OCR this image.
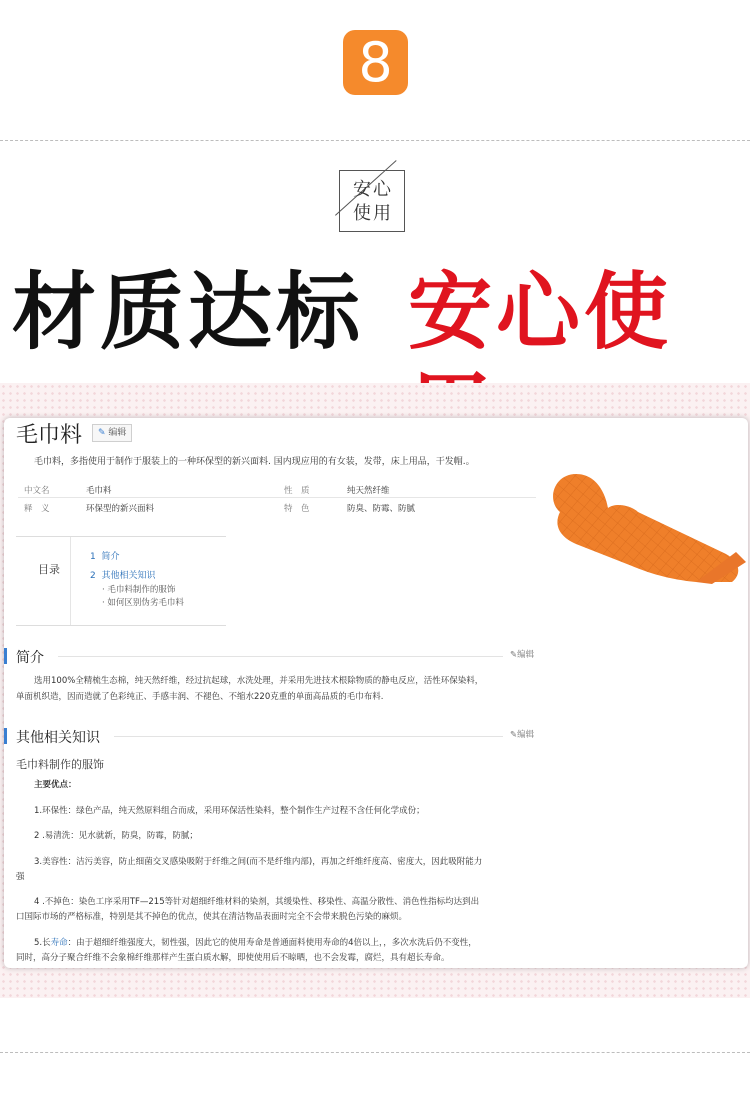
8
安心
使用
材质达标 安心使
毛巾料	✎ 编辑
毛巾料，多指使用于制作于服装上的一种环保型的新兴面料. 国内现应用的有女装，发带，床上用品，干发帽.。
中文名	毛巾料	性　质	纯天然纤维
释　义	环保型的新兴面料	特　色	防臭、防霉、防腻
目录
1 简介
2 其他相关知识
· 毛巾料制作的服饰
· 如何区别伪劣毛巾料
简介	✎编辑
选用100%全精梳生态棉，纯天然纤维，经过抗起球，水洗处理，并采用先进技术根除物质的静电反应，活性环保染料，
单面机织造，因而造就了色彩纯正、手感丰润、不褪色、不缩水220克重的单面高品质的毛巾布料.
其他相关知识	✎编辑
毛巾料制作的服饰
主要优点：
1.环保性：绿色产品，纯天然原料组合而成，采用环保活性染料，整个制作生产过程不含任何化学成份；
2 .易清洗：见水就新，防臭，防霉，防腻；
3.美容性：洁污美容，防止细菌交叉感染吸附于纤维之间(而不是纤维内部)，再加之纤维纤度高、密度大，因此吸附能力
强
4 .不掉色：染色工序采用TF—215等针对超细纤维材料的染剂，其缓染性、移染性、高温分散性、消色性指标均达到出
口国际市场的严格标准，特别是其不掉色的优点，使其在清洁物品表面时完全不会带来脱色污染的麻烦。
5.长寿命：由于超细纤维强度大，韧性强，因此它的使用寿命是普通面料使用寿命的4倍以上，，多次水洗后仍不变性，
同时，高分子聚合纤维不会象棉纤维那样产生蛋白质水解，即使使用后不晾晒，也不会发霉，腐烂，具有超长寿命。
